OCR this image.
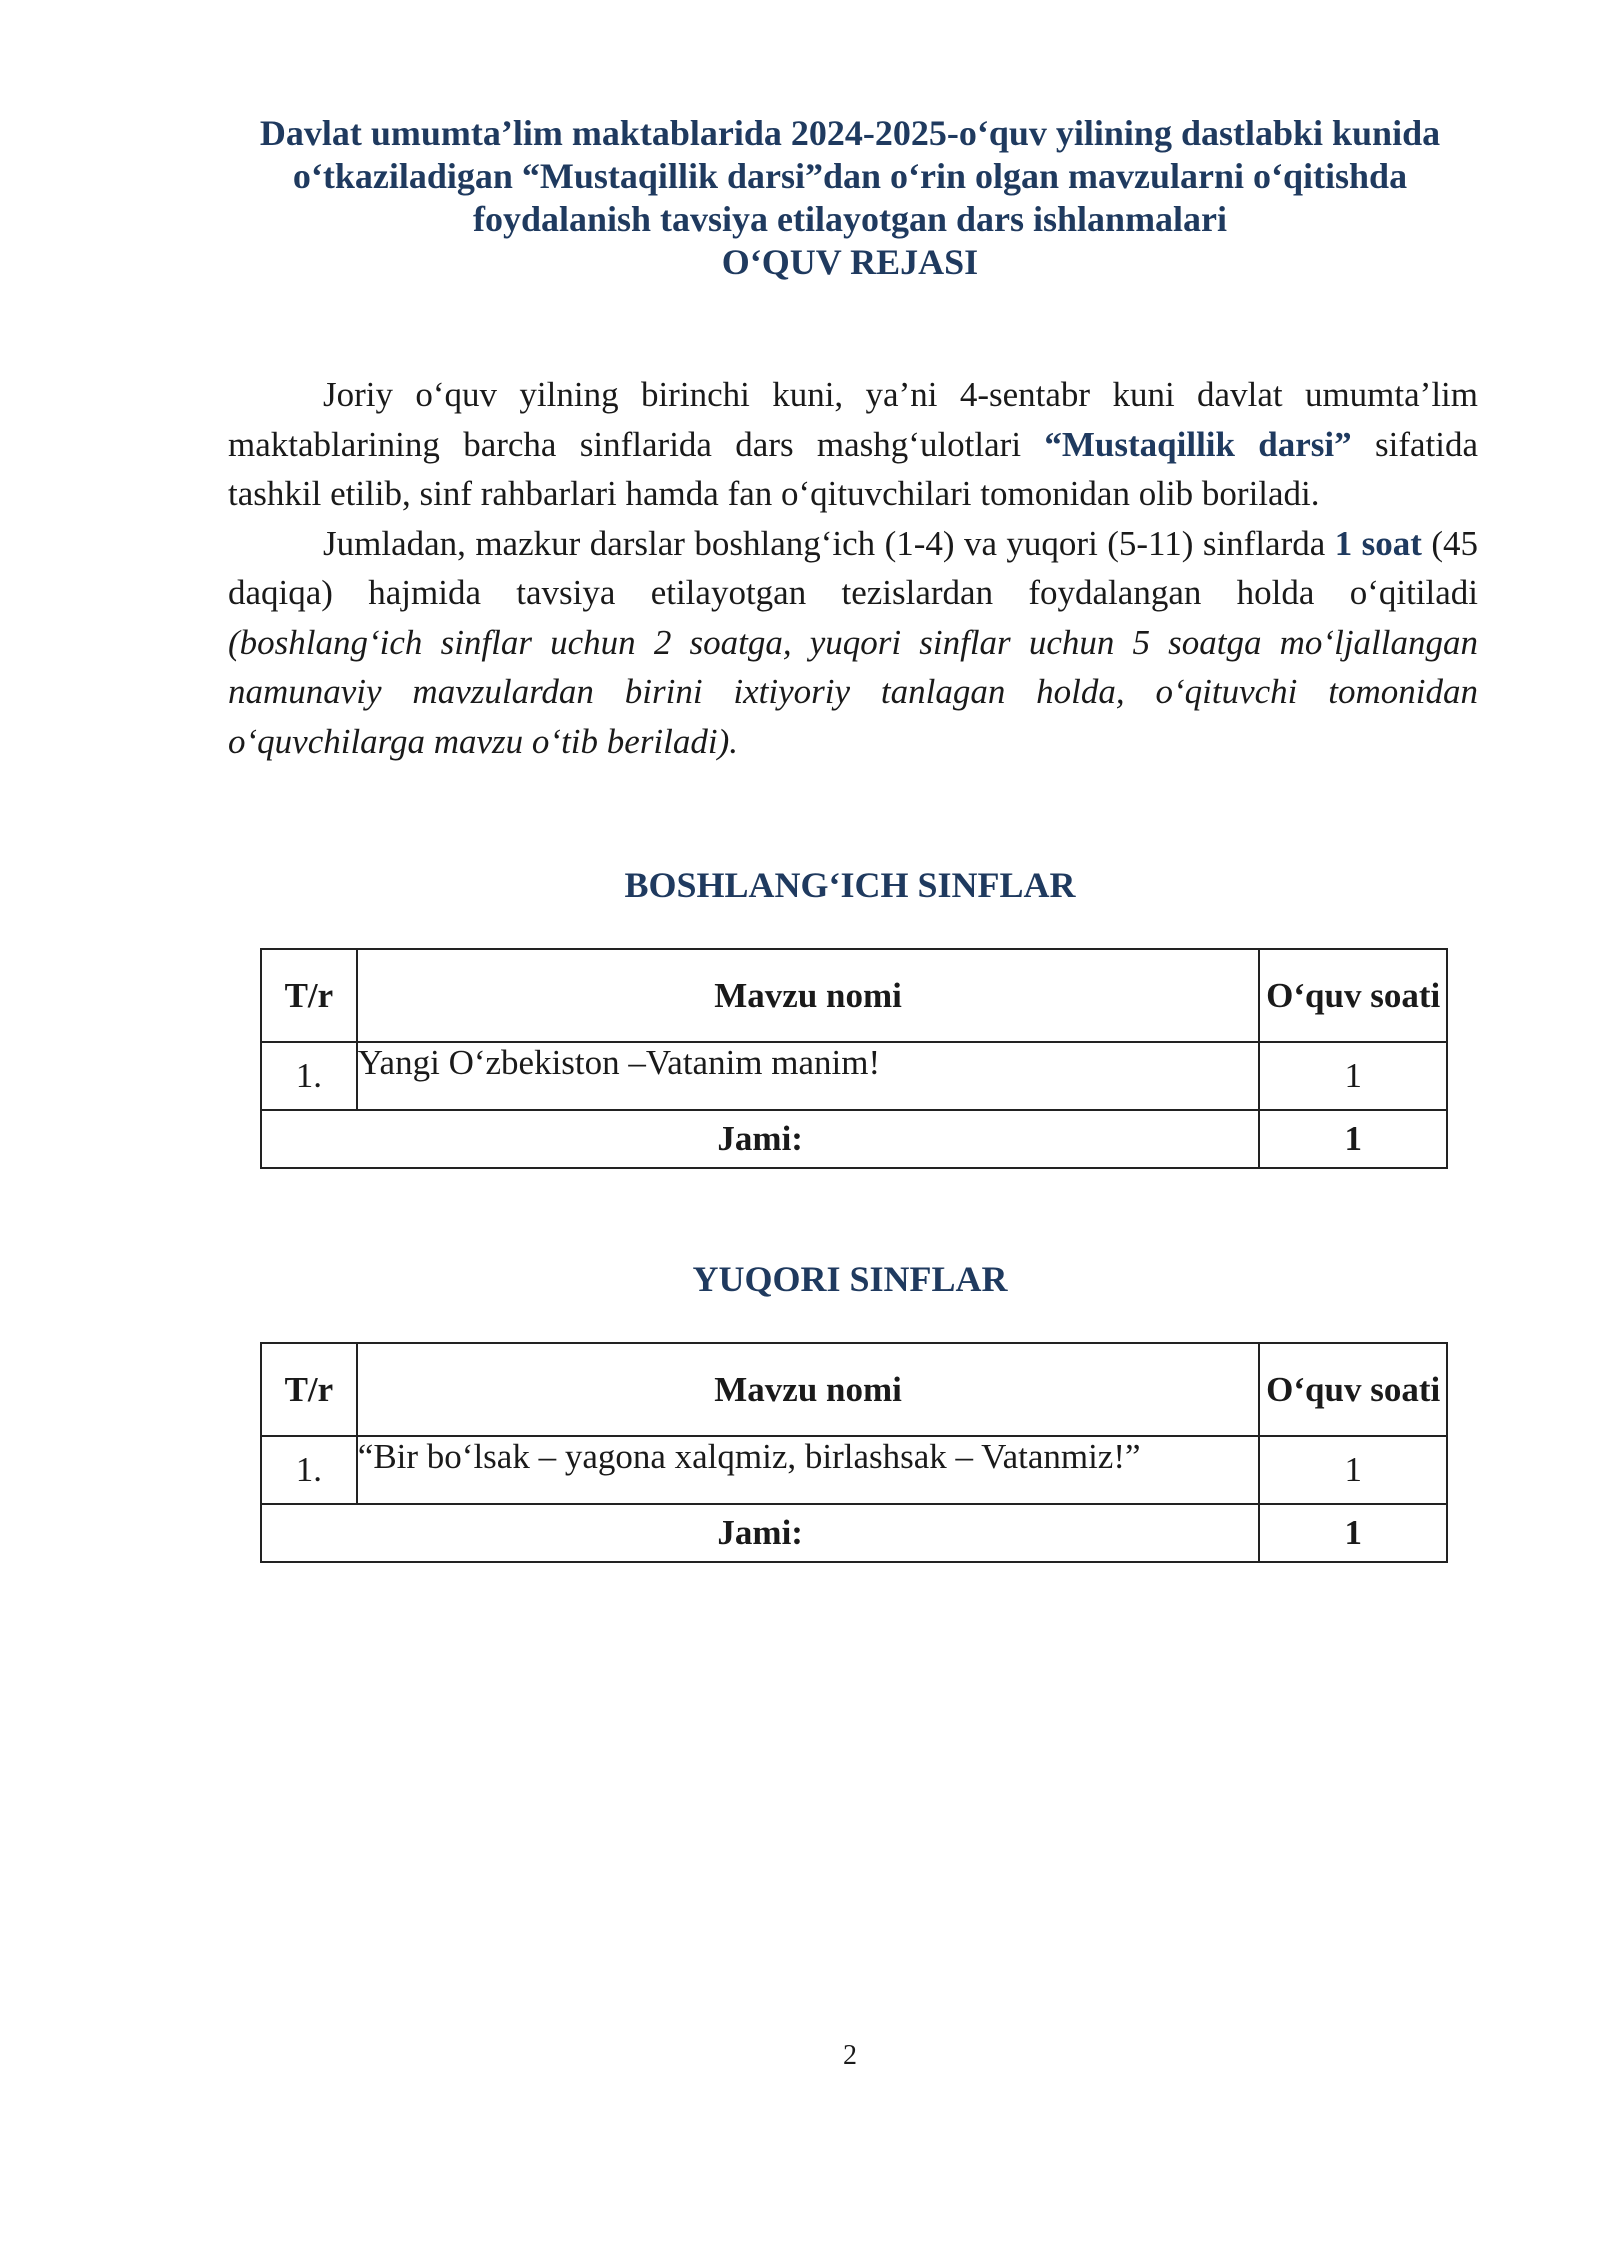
Davlat umumta’lim maktablarida 2024-2025-o‘quv yilining dastlabki kunida
o‘tkaziladigan “Mustaqillik darsi”dan o‘rin olgan mavzularni o‘qitishda
foydalanish tavsiya etilayotgan dars ishlanmalari
O‘QUV REJASI

Joriy o‘quv yilning birinchi kuni, ya’ni 4-sentabr kuni davlat umumta’lim maktablarining barcha sinflarida dars mashg‘ulotlari “Mustaqillik darsi” sifatida tashkil etilib, sinf rahbarlari hamda fan o‘qituvchilari tomonidan olib boriladi.

Jumladan, mazkur darslar boshlang‘ich (1-4) va yuqori (5-11) sinflarda 1 soat (45 daqiqa) hajmida tavsiya etilayotgan tezislardan foydalangan holda o‘qitiladi (boshlang‘ich sinflar uchun 2 soatga, yuqori sinflar uchun 5 soatga mo‘ljallangan namunaviy mavzulardan birini ixtiyoriy tanlagan holda, o‘qituvchi tomonidan o‘quvchilarga mavzu o‘tib beriladi).

BOSHLANG‘ICH SINFLAR
T/r	Mavzu nomi	O‘quv soati
1.	Yangi O‘zbekiston –Vatanim manim!	1
Jami:		1
YUQORI SINFLAR
T/r	Mavzu nomi	O‘quv soati
1.	“Bir bo‘lsak – yagona xalqmiz, birlashsak – Vatanmiz!”	1
Jami:		1
2
